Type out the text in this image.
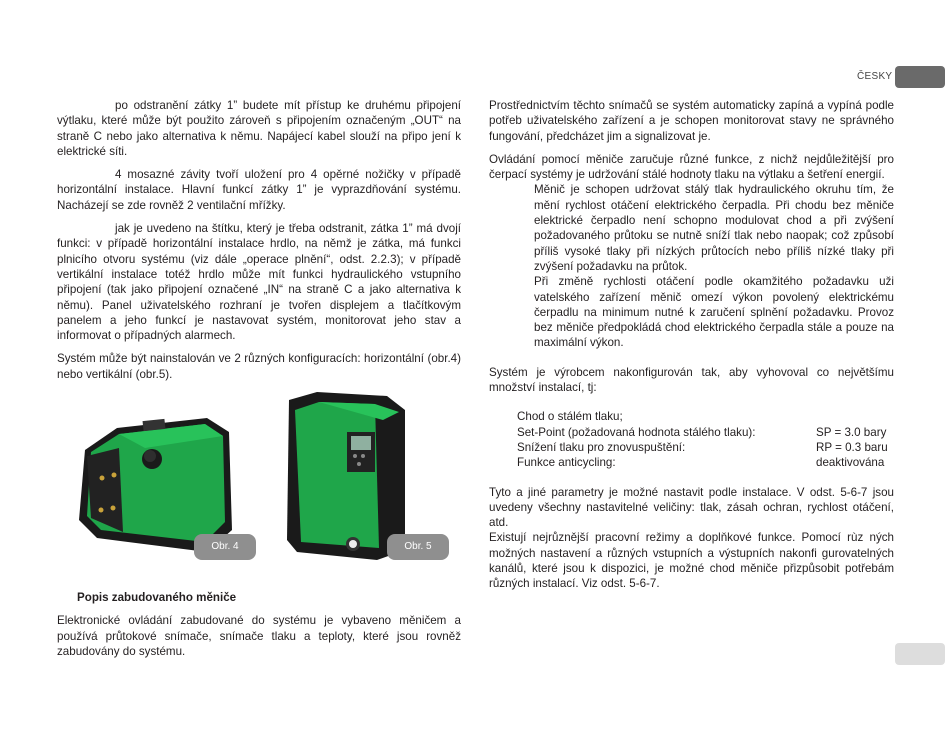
ČESKY

po odstranění zátky 1” budete mít přístup ke druhému připojení výtlaku, které může být použito zároveň s připojením označeným „OUT“ na straně C nebo jako alternativa k němu. Napájecí kabel slouží na připo jení k elektrické síti.

4 mosazné závity tvoří uložení pro 4 opěrné nožičky v případě horizontální instalace. Hlavní funkcí zátky 1” je vyprazdňování systému. Nacházejí se zde rovněž 2 ventilační mřížky.

jak je uvedeno na štítku, který je třeba odstranit, zátka 1” má dvojí funkci: v případě horizontální instalace hrdlo, na němž je zátka, má funkci plnicího otvoru systému (viz dále „operace plnění“, odst. 2.2.3); v případě vertikální instalace totéž hrdlo může mít funkci hydraulického vstupního připojení (tak jako připojení označené „IN“ na straně C a jako alternativa k němu). Panel uživatelského rozhraní je tvořen displejem a tlačítkovým panelem a jeho funkcí je nastavovat systém, monitorovat jeho stav a informovat o případných alarmech.

Systém může být nainstalován ve 2 různých konfiguracích: horizontální (obr.4) nebo vertikální (obr.5).

Obr. 4	Obr. 5

Popis zabudovaného měniče

Elektronické ovládání zabudované do systému je vybaveno měničem a používá průtokové snímače, snímače tlaku a teploty, které jsou rovněž zabudovány do systému.

Prostřednictvím těchto snímačů se systém automaticky zapíná a vypíná podle potřeb uživatelského zařízení a je schopen monitorovat stavy ne správného fungování, předcházet jim a signalizovat je.

Ovládání pomocí měniče zaručuje různé funkce, z nichž nejdůležitější pro čerpací systémy je udržování stálé hodnoty tlaku na výtlaku a šetření energií.

Měnič je schopen udržovat stálý tlak hydraulického okruhu tím, že mění rychlost otáčení elektrického čerpadla. Při chodu bez měniče elektrické čerpadlo není schopno modulovat chod a při zvýšení požadovaného průtoku se nutně sníží tlak nebo naopak; což způsobí příliš vysoké tlaky při nízkých průtocích nebo příliš nízké tlaky při zvýšení požadavku na průtok.

Při změně rychlosti otáčení podle okamžitého požadavku uži vatelského zařízení měnič omezí výkon povolený elektrickému čerpadlu na minimum nutné k zaručení splnění požadavku. Provoz bez měniče předpokládá chod elektrického čerpadla stále a pouze na maximální výkon.

Systém je výrobcem nakonfigurován tak, aby vyhovoval co největšímu množství instalací, tj:

Chod o stálém tlaku;
Set-Point (požadovaná hodnota stálého tlaku):	SP = 3.0 bary
Snížení tlaku pro znovuspuštění:	RP = 0.3 baru
Funkce anticycling:	deaktivována

Tyto a jiné parametry je možné nastavit podle instalace. V odst. 5-6-7 jsou uvedeny všechny nastavitelné veličiny: tlak, zásah ochran, rychlost otáčení, atd.

Existují nejrůznější pracovní režimy a doplňkové funkce. Pomocí rùz ných možných nastavení a různých vstupních a výstupních nakonfi gurovatelných kanálů, které jsou k dispozici, je možné chod měniče přizpůsobit potřebám různých instalací. Viz odst. 5-6-7.
